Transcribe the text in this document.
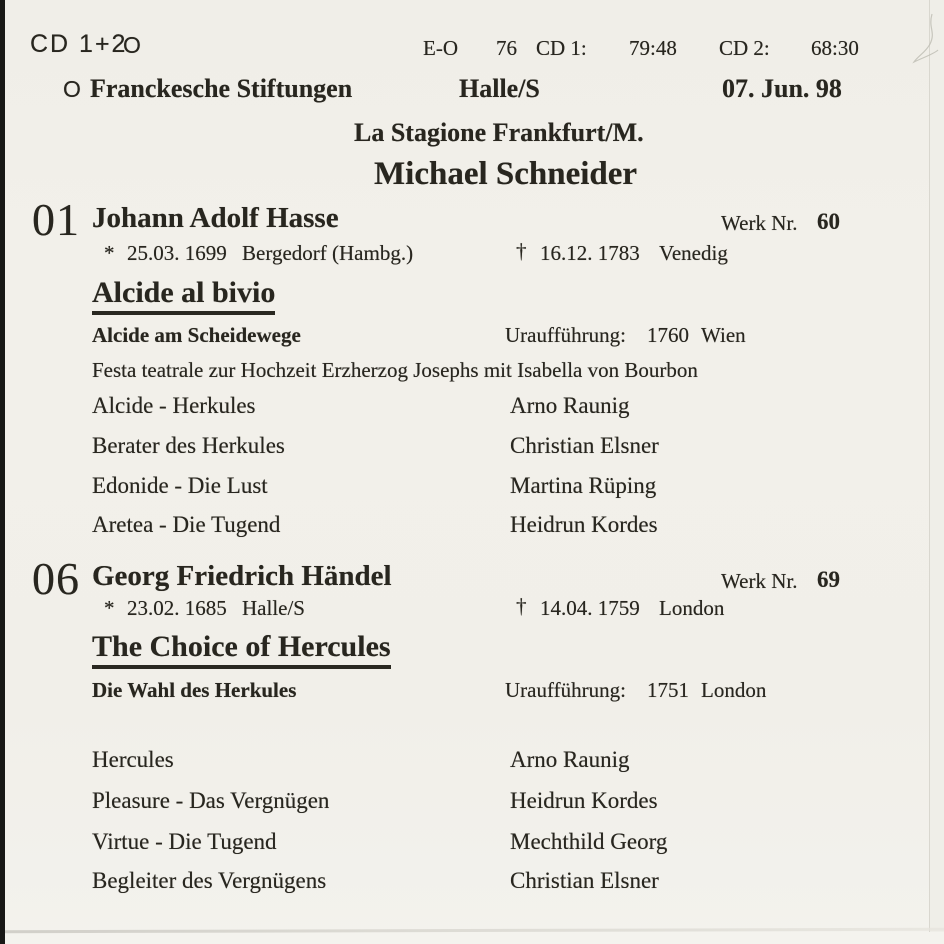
CD 1+2
O	E-O 76 CD 1: 79:48 CD 2: 68:30
O Franckesche Stiftungen	Halle/S	07. Jun. 98
La Stagione Frankfurt/M.
Michael Schneider
01 Johann Adolf Hasse	Werk Nr. 60
* 25.03. 1699 Bergedorf (Hambg.)	† 16.12. 1783 Venedig
Alcide al bivio
Alcide am Scheidewege	Uraufführung: 1760 Wien
Festa teatrale zur Hochzeit Erzherzog Josephs mit Isabella von Bourbon
Alcide - Herkules	Arno Raunig
Berater des Herkules	Christian Elsner
Edonide - Die Lust	Martina Rüping
Aretea - Die Tugend	Heidrun Kordes
06 Georg Friedrich Händel	Werk Nr. 69
* 23.02. 1685 Halle/S	† 14.04. 1759 London
The Choice of Hercules
Die Wahl des Herkules	Uraufführung: 1751 London
Hercules	Arno Raunig
Pleasure - Das Vergnügen	Heidrun Kordes
Virtue - Die Tugend	Mechthild Georg
Begleiter des Vergnügens	Christian Elsner
